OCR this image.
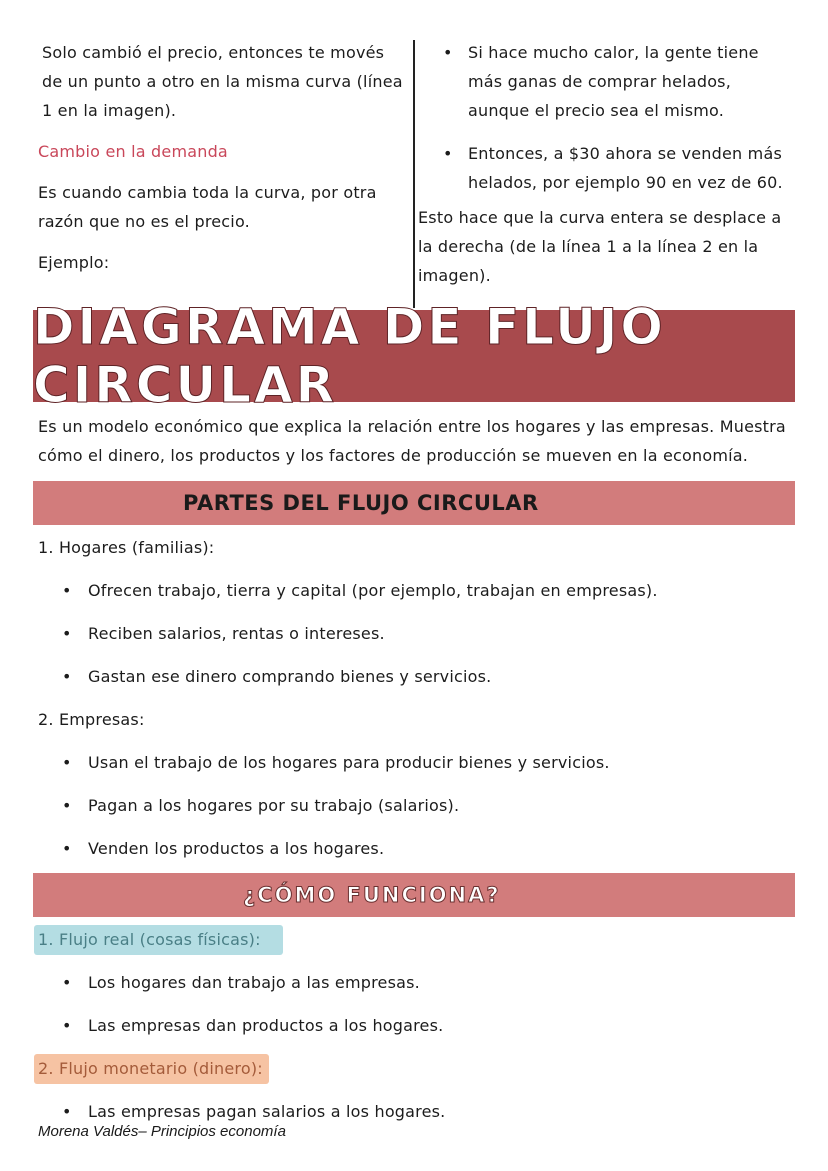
Solo cambió el precio, entonces te movés de un punto a otro en la misma curva (línea 1 en la imagen).
Cambio en la demanda
Es cuando cambia toda la curva, por otra razón que no es el precio.
Ejemplo:
• Si hace mucho calor, la gente tiene más ganas de comprar helados, aunque el precio sea el mismo.
• Entonces, a $30 ahora se venden más helados, por ejemplo 90 en vez de 60.
Esto hace que la curva entera se desplace a la derecha (de la línea 1 a la línea 2 en la imagen).
DIAGRAMA DE FLUJO CIRCULAR
Es un modelo económico que explica la relación entre los hogares y las empresas. Muestra cómo el dinero, los productos y los factores de producción se mueven en la economía.
PARTES DEL FLUJO CIRCULAR
1. Hogares (familias):
• Ofrecen trabajo, tierra y capital (por ejemplo, trabajan en empresas).
• Reciben salarios, rentas o intereses.
• Gastan ese dinero comprando bienes y servicios.
2. Empresas:
• Usan el trabajo de los hogares para producir bienes y servicios.
• Pagan a los hogares por su trabajo (salarios).
• Venden los productos a los hogares.
¿CÓMO FUNCIONA?
1. Flujo real (cosas físicas):
• Los hogares dan trabajo a las empresas.
• Las empresas dan productos a los hogares.
2. Flujo monetario (dinero):
• Las empresas pagan salarios a los hogares.
Morena Valdés– Principios economía
